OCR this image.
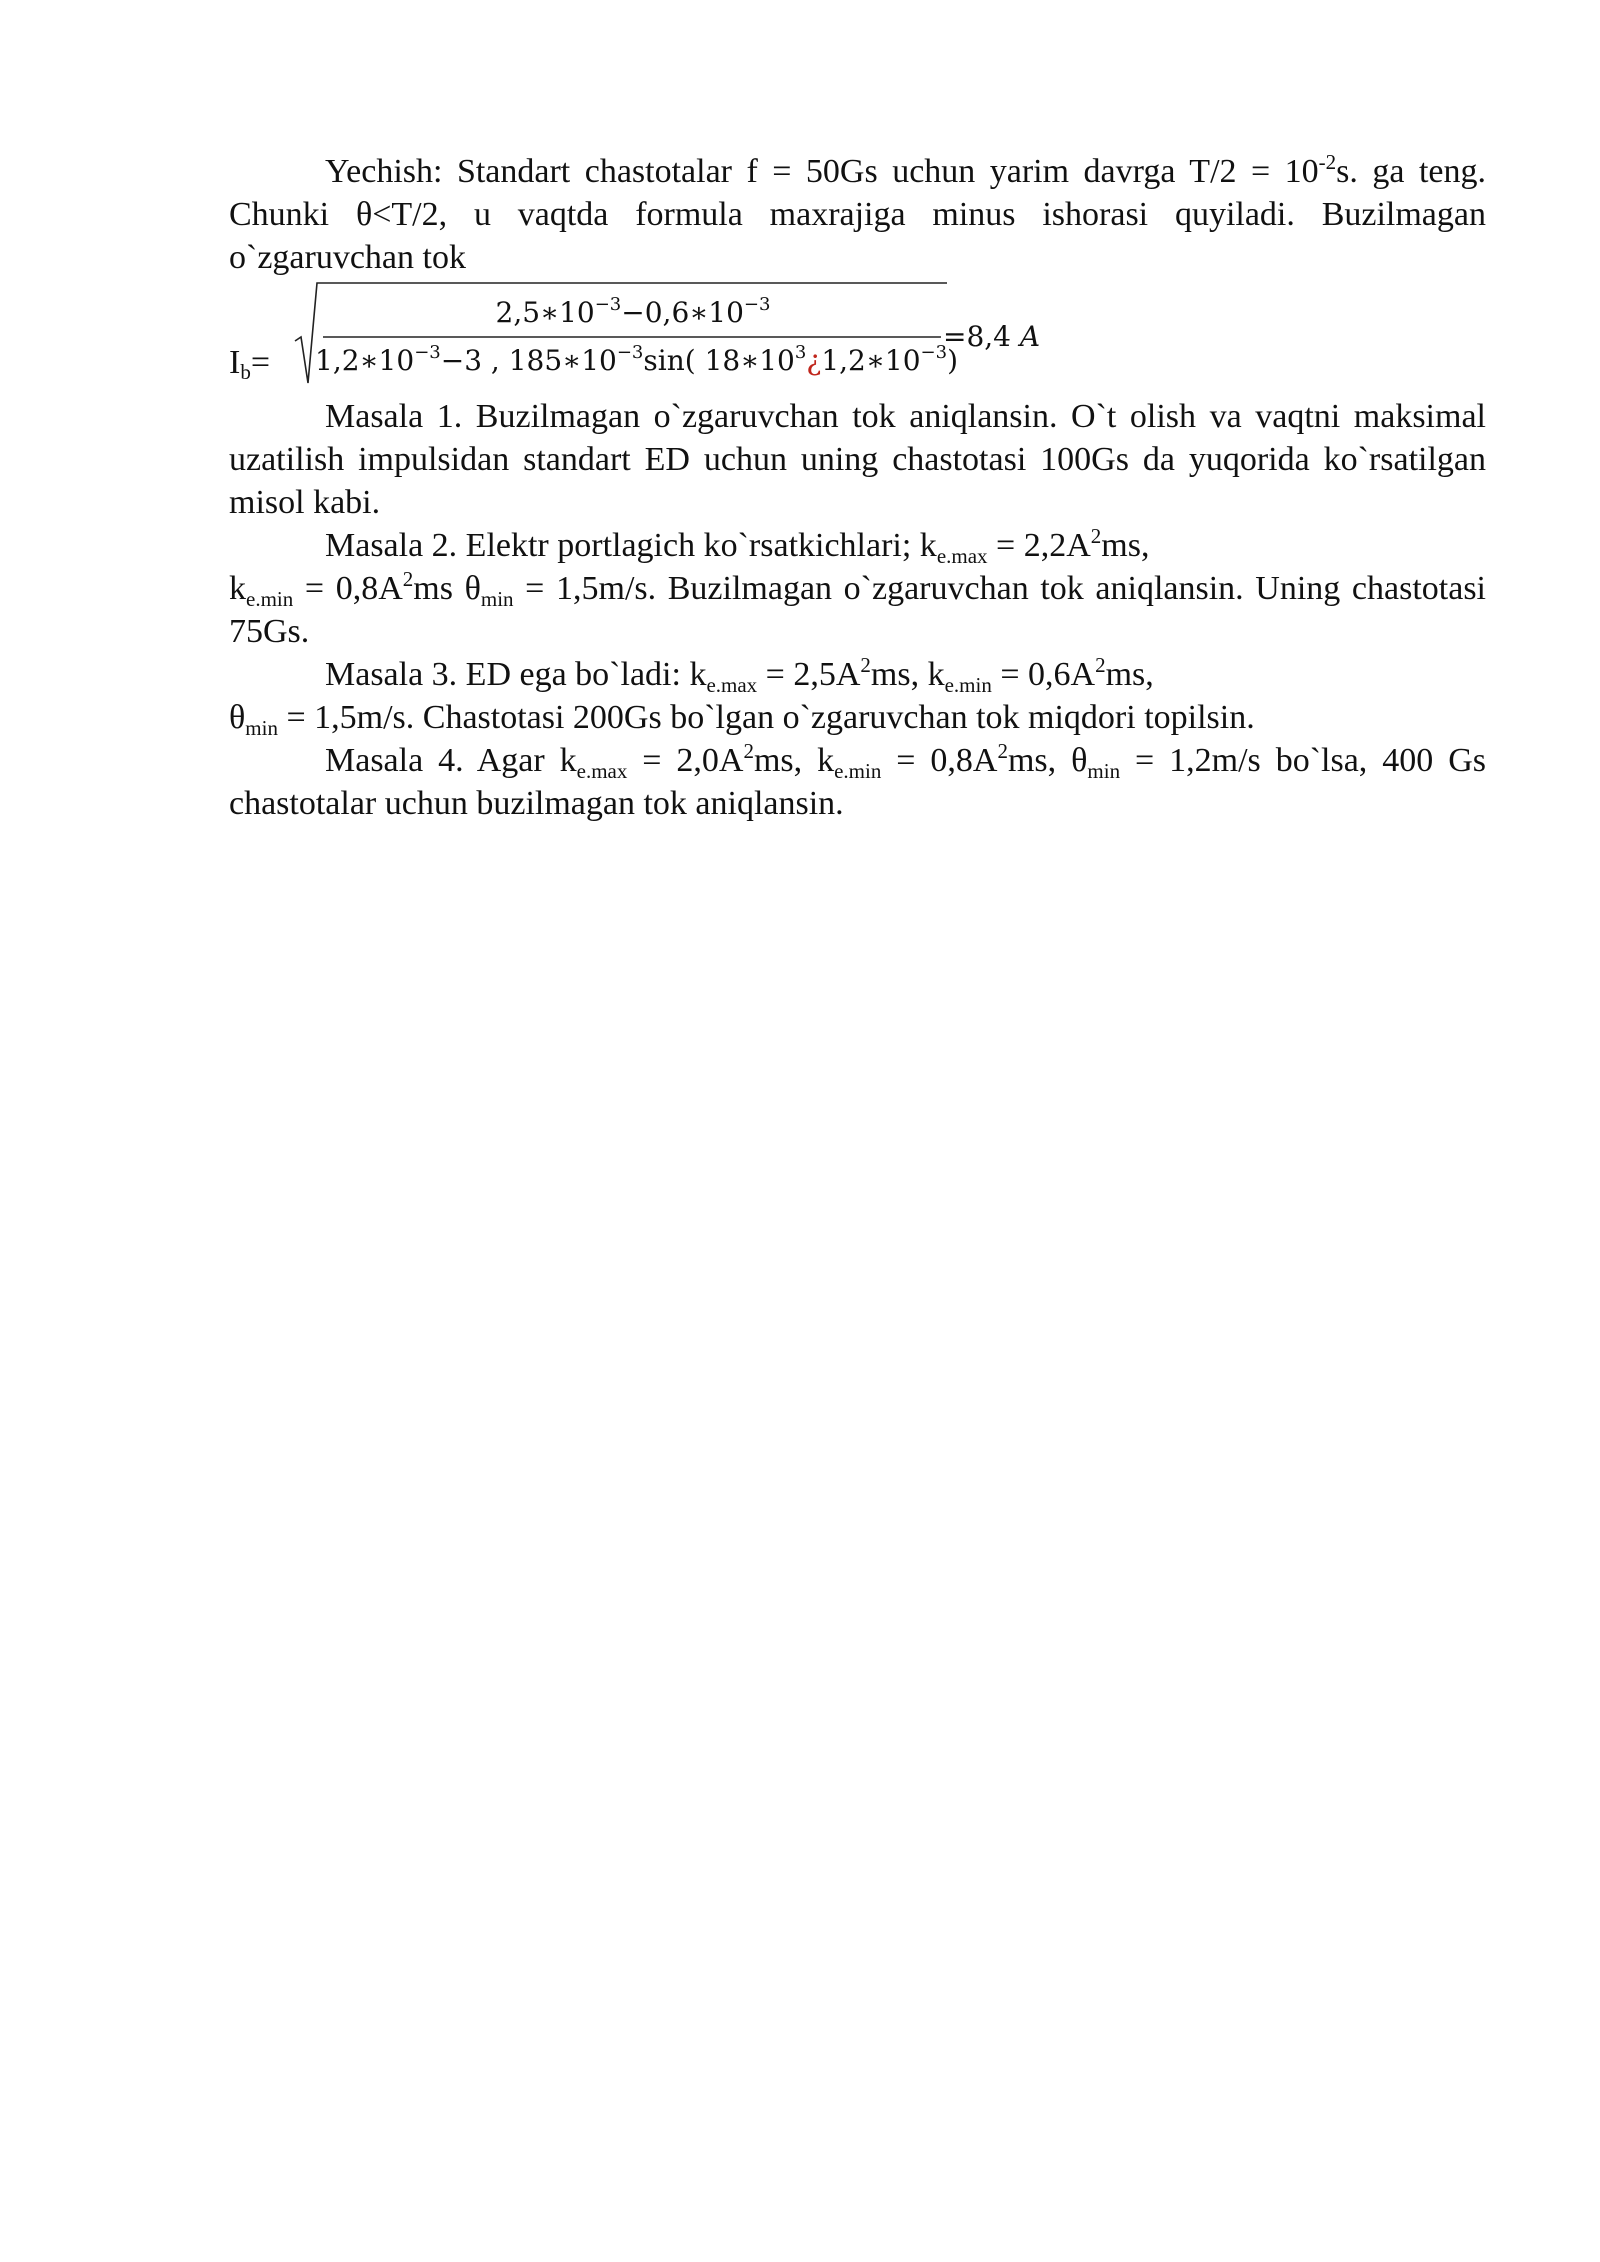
Yechish: Standart chastotalar f = 50Gs uchun yarim davrga $T/2 = 10^{-2}s$. ga teng. Chunki θ<T/2, u vaqtda formula maxrajiga minus ishorasi quyiladi. Buzilmagan o`zgaruvchan tok

$I_b=$
$2,5∗10^{-3}-0,6∗10^{-3}$
$1,2∗10^{-3}-3$ , $185∗10^{-3}\sin$( $18∗10^3¿1,2∗10^{-3}$)
=8,4 A

Masala 1. Buzilmagan o`zgaruvchan tok aniqlansin. O`t olish va vaqtni maksimal uzatilish impulsidan standart ED uchun uning chastotasi 100Gs da yuqorida ko`rsatilgan misol kabi.

Masala 2. Elektr portlagich ko`rsatkichlari; $k_{e.max} = 2,2A^2ms$,

$k_{e.min} = 0,8A^2ms$ $\theta_{min} = 1,5m/s$. Buzilmagan o`zgaruvchan tok aniqlansin. Uning chastotasi 75Gs.

Masala 3. ED ega bo`ladi: $k_{e.max} = 2,5A^2ms$, $k_{e.min} = 0,6A^2ms$,

$\theta_{min} = 1,5m/s$. Chastotasi 200Gs bo`lgan o`zgaruvchan tok miqdori topilsin.

Masala 4. Agar $k_{e.max} = 2,0A^2ms$, $k_{e.min} = 0,8A^2ms$, $\theta_{min} = 1,2m/s$ bo`lsa, 400 Gs chastotalar uchun buzilmagan tok aniqlansin.
